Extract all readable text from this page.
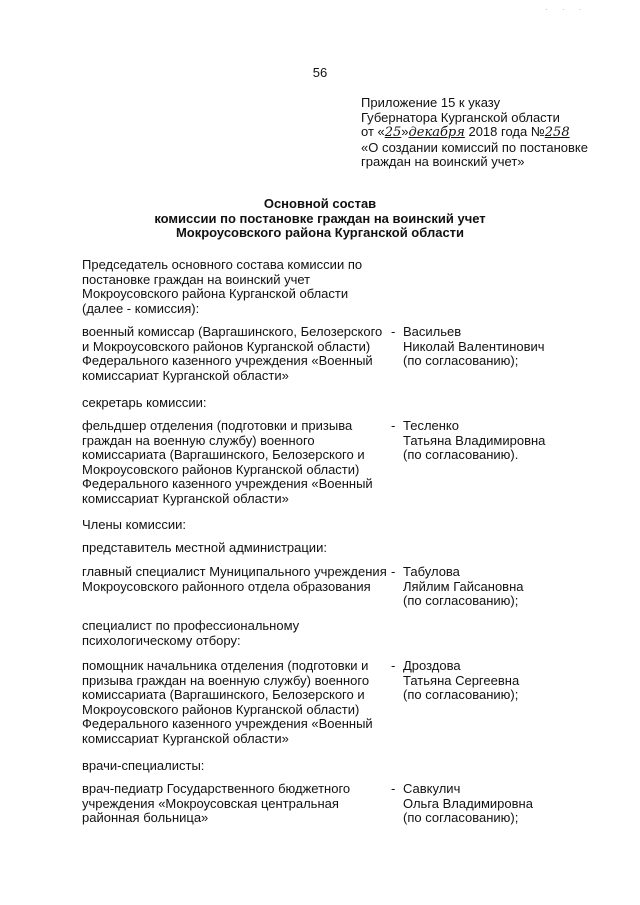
· · ·
56
Приложение 15 к указу
Губернатора Курганской области
от «25»декабря 2018 года №258
«О создании комиссий по постановке
граждан на воинский учет»
Основной состав
комиссии по постановке граждан на воинский учет
Мокроусовского района Курганской области
Председатель основного состава комиссии по
постановке граждан на воинский учет
Мокроусовского района Курганской области
(далее - комиссия):
военный комиссар (Варгашинского, Белозерского
и Мокроусовского районов Курганской области)
Федерального казенного учреждения «Военный
комиссариат Курганской области»
- Васильев
Николай Валентинович
(по согласованию);
секретарь комиссии:
фельдшер отделения (подготовки и призыва
граждан на военную службу) военного
комиссариата (Варгашинского, Белозерского и
Мокроусовского районов Курганской области)
Федерального казенного учреждения «Военный
комиссариат Курганской области»
- Тесленко
Татьяна Владимировна
(по согласованию).
Члены комиссии:
представитель местной администрации:
главный специалист Муниципального учреждения
Мокроусовского районного отдела образования
- Табулова
Ляйлим Гайсановна
(по согласованию);
специалист по профессиональному
психологическому отбору:
помощник начальника отделения (подготовки и
призыва граждан на военную службу) военного
комиссариата (Варгашинского, Белозерского и
Мокроусовского районов Курганской области)
Федерального казенного учреждения «Военный
комиссариат Курганской области»
- Дроздова
Татьяна Сергеевна
(по согласованию);
врачи-специалисты:
врач-педиатр Государственного бюджетного
учреждения «Мокроусовская центральная
районная больница»
- Савкулич
Ольга Владимировна
(по согласованию);
